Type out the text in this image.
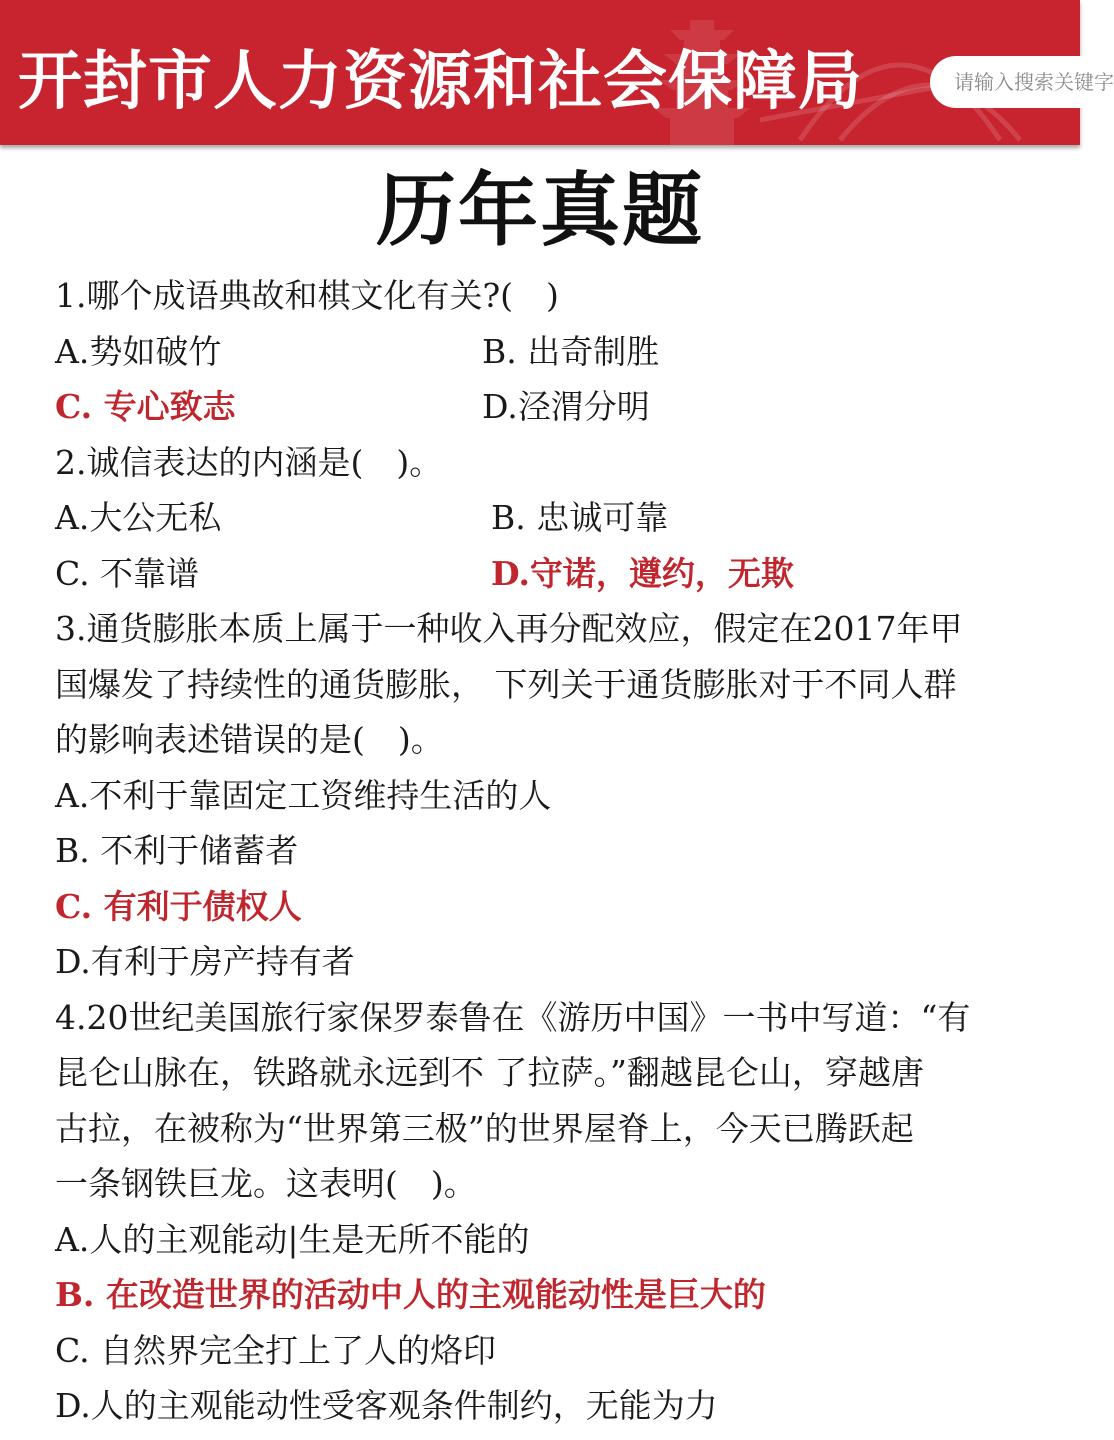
开封市人力资源和社会保障局	请输入搜索关键字
历年真题
1.哪个成语典故和棋文化有关?(　)
A.势如破竹	B. 出奇制胜
C. 专心致志	D.泾渭分明
2.诚信表达的内涵是(　)。
A.大公无私	B. 忠诚可靠
C. 不靠谱	D.守诺，遵约，无欺
3.通货膨胀本质上属于一种收入再分配效应，假定在2017年甲
国爆发了持续性的通货膨胀， 下列关于通货膨胀对于不同人群
的影响表述错误的是(　)。
A.不利于靠固定工资维持生活的人
B. 不利于储蓄者
C. 有利于债权人
D.有利于房产持有者
4.20世纪美国旅行家保罗泰鲁在《游历中国》一书中写道：“有
昆仑山脉在，铁路就永远到不 了拉萨。”翻越昆仑山，穿越唐
古拉，在被称为“世界第三极”的世界屋脊上，今天已腾跃起
一条钢铁巨龙。这表明(　)。
A.人的主观能动|生是无所不能的
B. 在改造世界的活动中人的主观能动性是巨大的
C. 自然界完全打上了人的烙印
D.人的主观能动性受客观条件制约，无能为力
